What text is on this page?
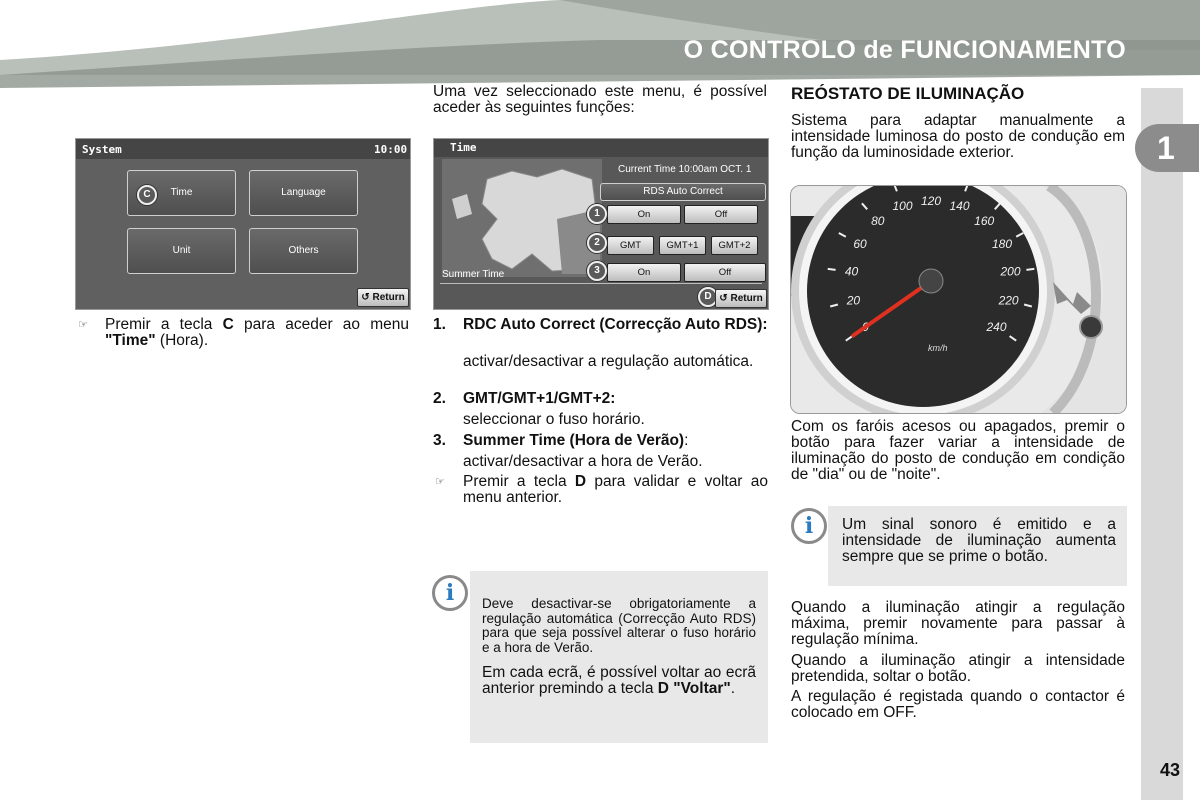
O CONTROLO de FUNCIONAMENTO
1
43
System	10:00
Time	Language
Unit	Others
C
↺ Return
☞ Premir a tecla C para aceder ao menu "Time" (Hora).
Uma vez seleccionado este menu, é possível aceder às seguintes funções:
Time
Current Time 10:00am OCT. 1
RDS Auto Correct
On	Off
GMT	GMT+1	GMT+2
Summer Time	On	Off
1
2
3
D ↺ Return
1. RDC Auto Correct (Correcção Auto RDS):
activar/desactivar a regulação automática.
2. GMT/GMT+1/GMT+2:
seleccionar o fuso horário.
3. Summer Time (Hora de Verão):
activar/desactivar a hora de Verão.
☞ Premir a tecla D para validar e voltar ao menu anterior.
i	Deve desactivar-se obrigatoriamente a regulação automática (Correcção Auto RDS) para que seja possível alterar o fuso horário e a hora de Verão.
Em cada ecrã, é possível voltar ao ecrã anterior premindo a tecla D "Voltar".
REÓSTATO DE ILUMINAÇÃO
Sistema para adaptar manualmente a intensidade luminosa do posto de condução em função da luminosidade exterior.
20
40
60
80
100 120 140
160
180
200
220
240
km/h
Com os faróis acesos ou apagados, premir o botão para fazer variar a intensidade de iluminação do posto de condução em condição de "dia" ou de "noite".
i	Um sinal sonoro é emitido e a intensidade de iluminação aumenta sempre que se prime o botão.
Quando a iluminação atingir a regulação máxima, premir novamente para passar à regulação mínima.
Quando a iluminação atingir a intensidade pretendida, soltar o botão.
A regulação é registada quando o contactor é colocado em OFF.
